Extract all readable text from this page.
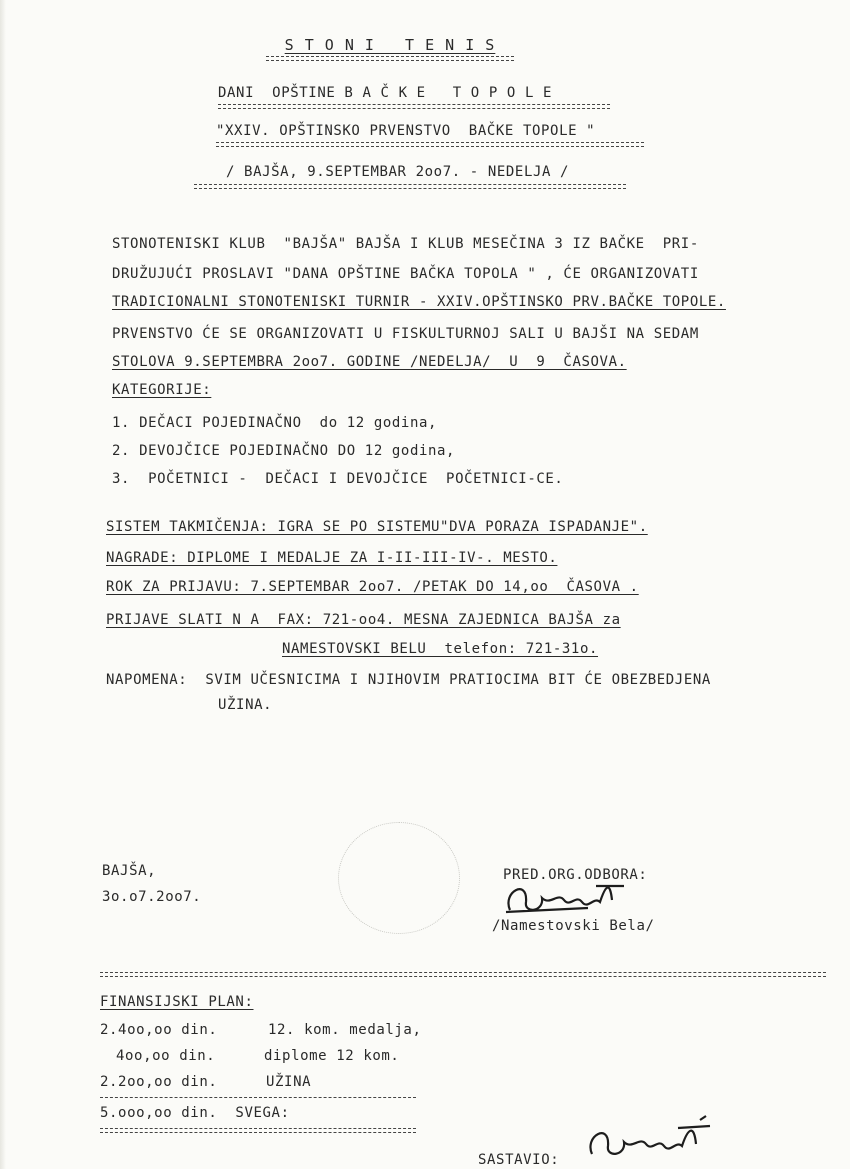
S T O N I   T E N I S
DANI  OPŠTINE B A Č K E   T O P O L E
"XXIV. OPŠTINSKO PRVENSTVO  BAČKE TOPOLE "
/ BAJŠA, 9.SEPTEMBAR 2oo7. - NEDELJA /
STONOTENISKI KLUB  "BAJŠA" BAJŠA I KLUB MESEČINA 3 IZ BAČKE  PRI-
DRUŽUJUĆI PROSLAVI "DANA OPŠTINE BAČKA TOPOLA " , ĆE ORGANIZOVATI
TRADICIONALNI STONOTENISKI TURNIR - XXIV.OPŠTINSKO PRV.BAČKE TOPOLE.
PRVENSTVO ĆE SE ORGANIZOVATI U FISKULTURNOJ SALI U BAJŠI NA SEDAM
STOLOVA 9.SEPTEMBRA 2oo7. GODINE /NEDELJA/  U  9  ČASOVA.
KATEGORIJE:
1. DEČACI POJEDINAČNO  do 12 godina,
2. DEVOJČICE POJEDINAČNO DO 12 godina,
3.  POČETNICI -  DEČACI I DEVOJČICE  POČETNICI-CE.
SISTEM TAKMIČENJA: IGRA SE PO SISTEMU"DVA PORAZA ISPADANJE".
NAGRADE: DIPLOME I MEDALJE ZA I-II-III-IV-. MESTO.
ROK ZA PRIJAVU: 7.SEPTEMBAR 2oo7. /PETAK DO 14,oo  ČASOVA .
PRIJAVE SLATI N A  FAX: 721-oo4. MESNA ZAJEDNICA BAJŠA za
NAMESTOVSKI BELU  telefon: 721-31o.
NAPOMENA:  SVIM UČESNICIMA I NJIHOVIM PRATIOCIMA BIT ĆE OBEZBEDJENA
UŽINA.
BAJŠA,
3o.o7.2oo7.
PRED.ORG.ODBORA:
/Namestovski Bela/
FINANSIJSKI PLAN:
2.4oo,oo din.	12. kom. medalja,
4oo,oo din.	diplome 12 kom.
2.2oo,oo din.	UŽINA
5.ooo,oo din.  SVEGA:
SASTAVIO:
